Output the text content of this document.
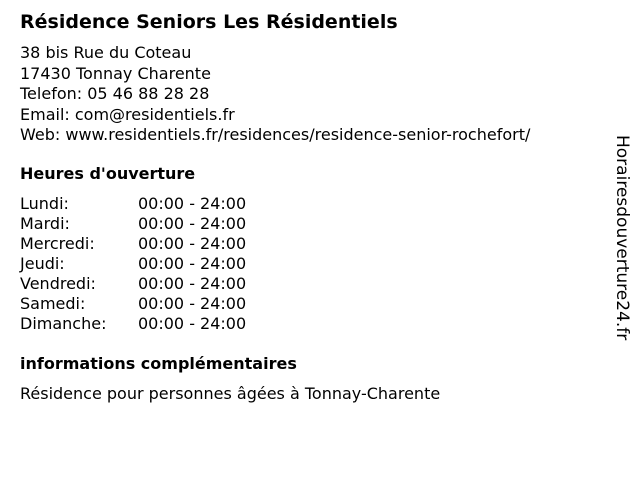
Résidence Seniors Les Résidentiels
38 bis Rue du Coteau
17430 Tonnay Charente
Telefon: 05 46 88 28 28
Email: com@residentiels.fr
Web: www.residentiels.fr/residences/residence-senior-rochefort/
Heures d'ouverture
Lundi:	00:00 - 24:00
Mardi:	00:00 - 24:00
Mercredi:	00:00 - 24:00
Jeudi:	00:00 - 24:00
Vendredi:	00:00 - 24:00
Samedi:	00:00 - 24:00
Dimanche:	00:00 - 24:00
informations complémentaires
Résidence pour personnes âgées à Tonnay-Charente
Horairesdouverture24.fr
